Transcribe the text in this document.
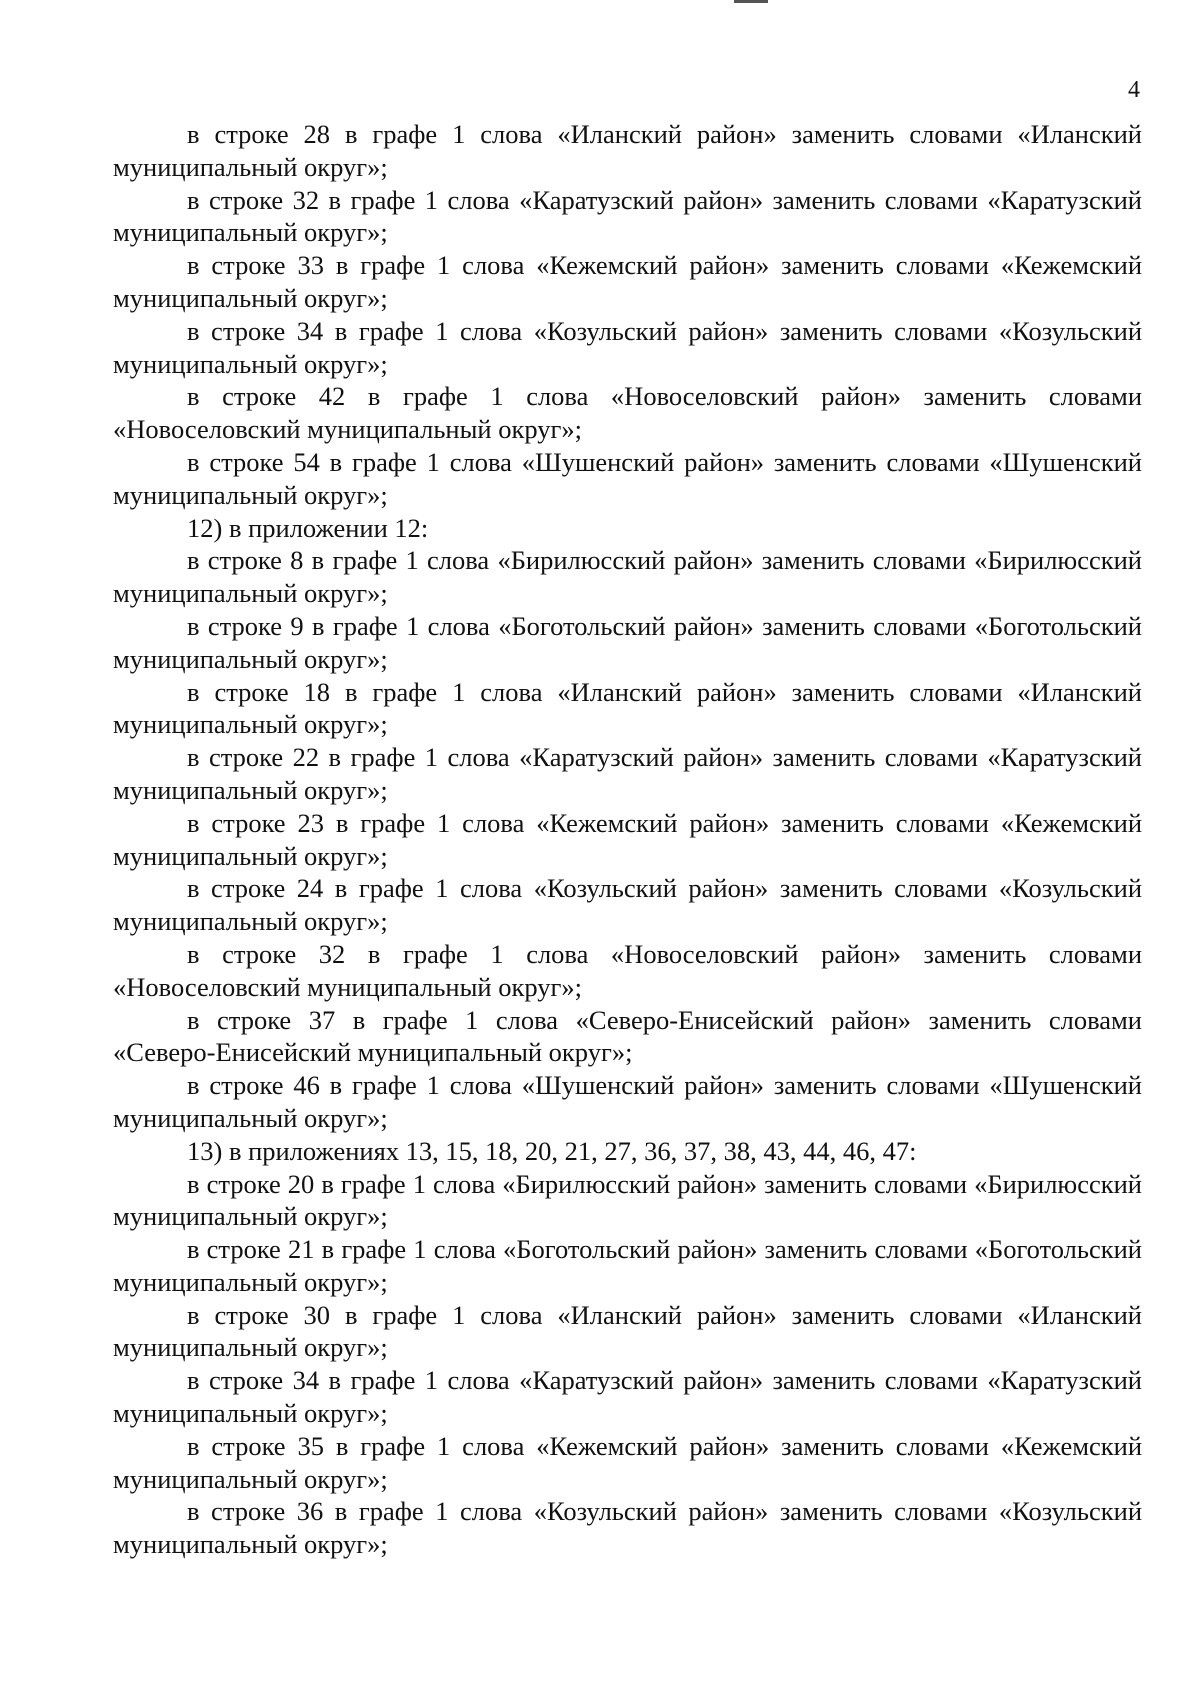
4

в строке 28 в графе 1 слова «Иланский район» заменить словами «Иланский муниципальный округ»;

в строке 32 в графе 1 слова «Каратузский район» заменить словами «Каратузский муниципальный округ»;

в строке 33 в графе 1 слова «Кежемский район» заменить словами «Кежемский муниципальный округ»;

в строке 34 в графе 1 слова «Козульский район» заменить словами «Козульский муниципальный округ»;

в строке 42 в графе 1 слова «Новоселовский район» заменить словами «Новоселовский муниципальный округ»;

в строке 54 в графе 1 слова «Шушенский район» заменить словами «Шушенский муниципальный округ»;

12) в приложении 12:

в строке 8 в графе 1 слова «Бирилюсский район» заменить словами «Бирилюсский муниципальный округ»;

в строке 9 в графе 1 слова «Боготольский район» заменить словами «Боготольский муниципальный округ»;

в строке 18 в графе 1 слова «Иланский район» заменить словами «Иланский муниципальный округ»;

в строке 22 в графе 1 слова «Каратузский район» заменить словами «Каратузский муниципальный округ»;

в строке 23 в графе 1 слова «Кежемский район» заменить словами «Кежемский муниципальный округ»;

в строке 24 в графе 1 слова «Козульский район» заменить словами «Козульский муниципальный округ»;

в строке 32 в графе 1 слова «Новоселовский район» заменить словами «Новоселовский муниципальный округ»;

в строке 37 в графе 1 слова «Северо-Енисейский район» заменить словами «Северо-Енисейский муниципальный округ»;

в строке 46 в графе 1 слова «Шушенский район» заменить словами «Шушенский муниципальный округ»;

13) в приложениях 13, 15, 18, 20, 21, 27, 36, 37, 38, 43, 44, 46, 47:

в строке 20 в графе 1 слова «Бирилюсский район» заменить словами «Бирилюсский муниципальный округ»;

в строке 21 в графе 1 слова «Боготольский район» заменить словами «Боготольский муниципальный округ»;

в строке 30 в графе 1 слова «Иланский район» заменить словами «Иланский муниципальный округ»;

в строке 34 в графе 1 слова «Каратузский район» заменить словами «Каратузский муниципальный округ»;

в строке 35 в графе 1 слова «Кежемский район» заменить словами «Кежемский муниципальный округ»;

в строке 36 в графе 1 слова «Козульский район» заменить словами «Козульский муниципальный округ»;
